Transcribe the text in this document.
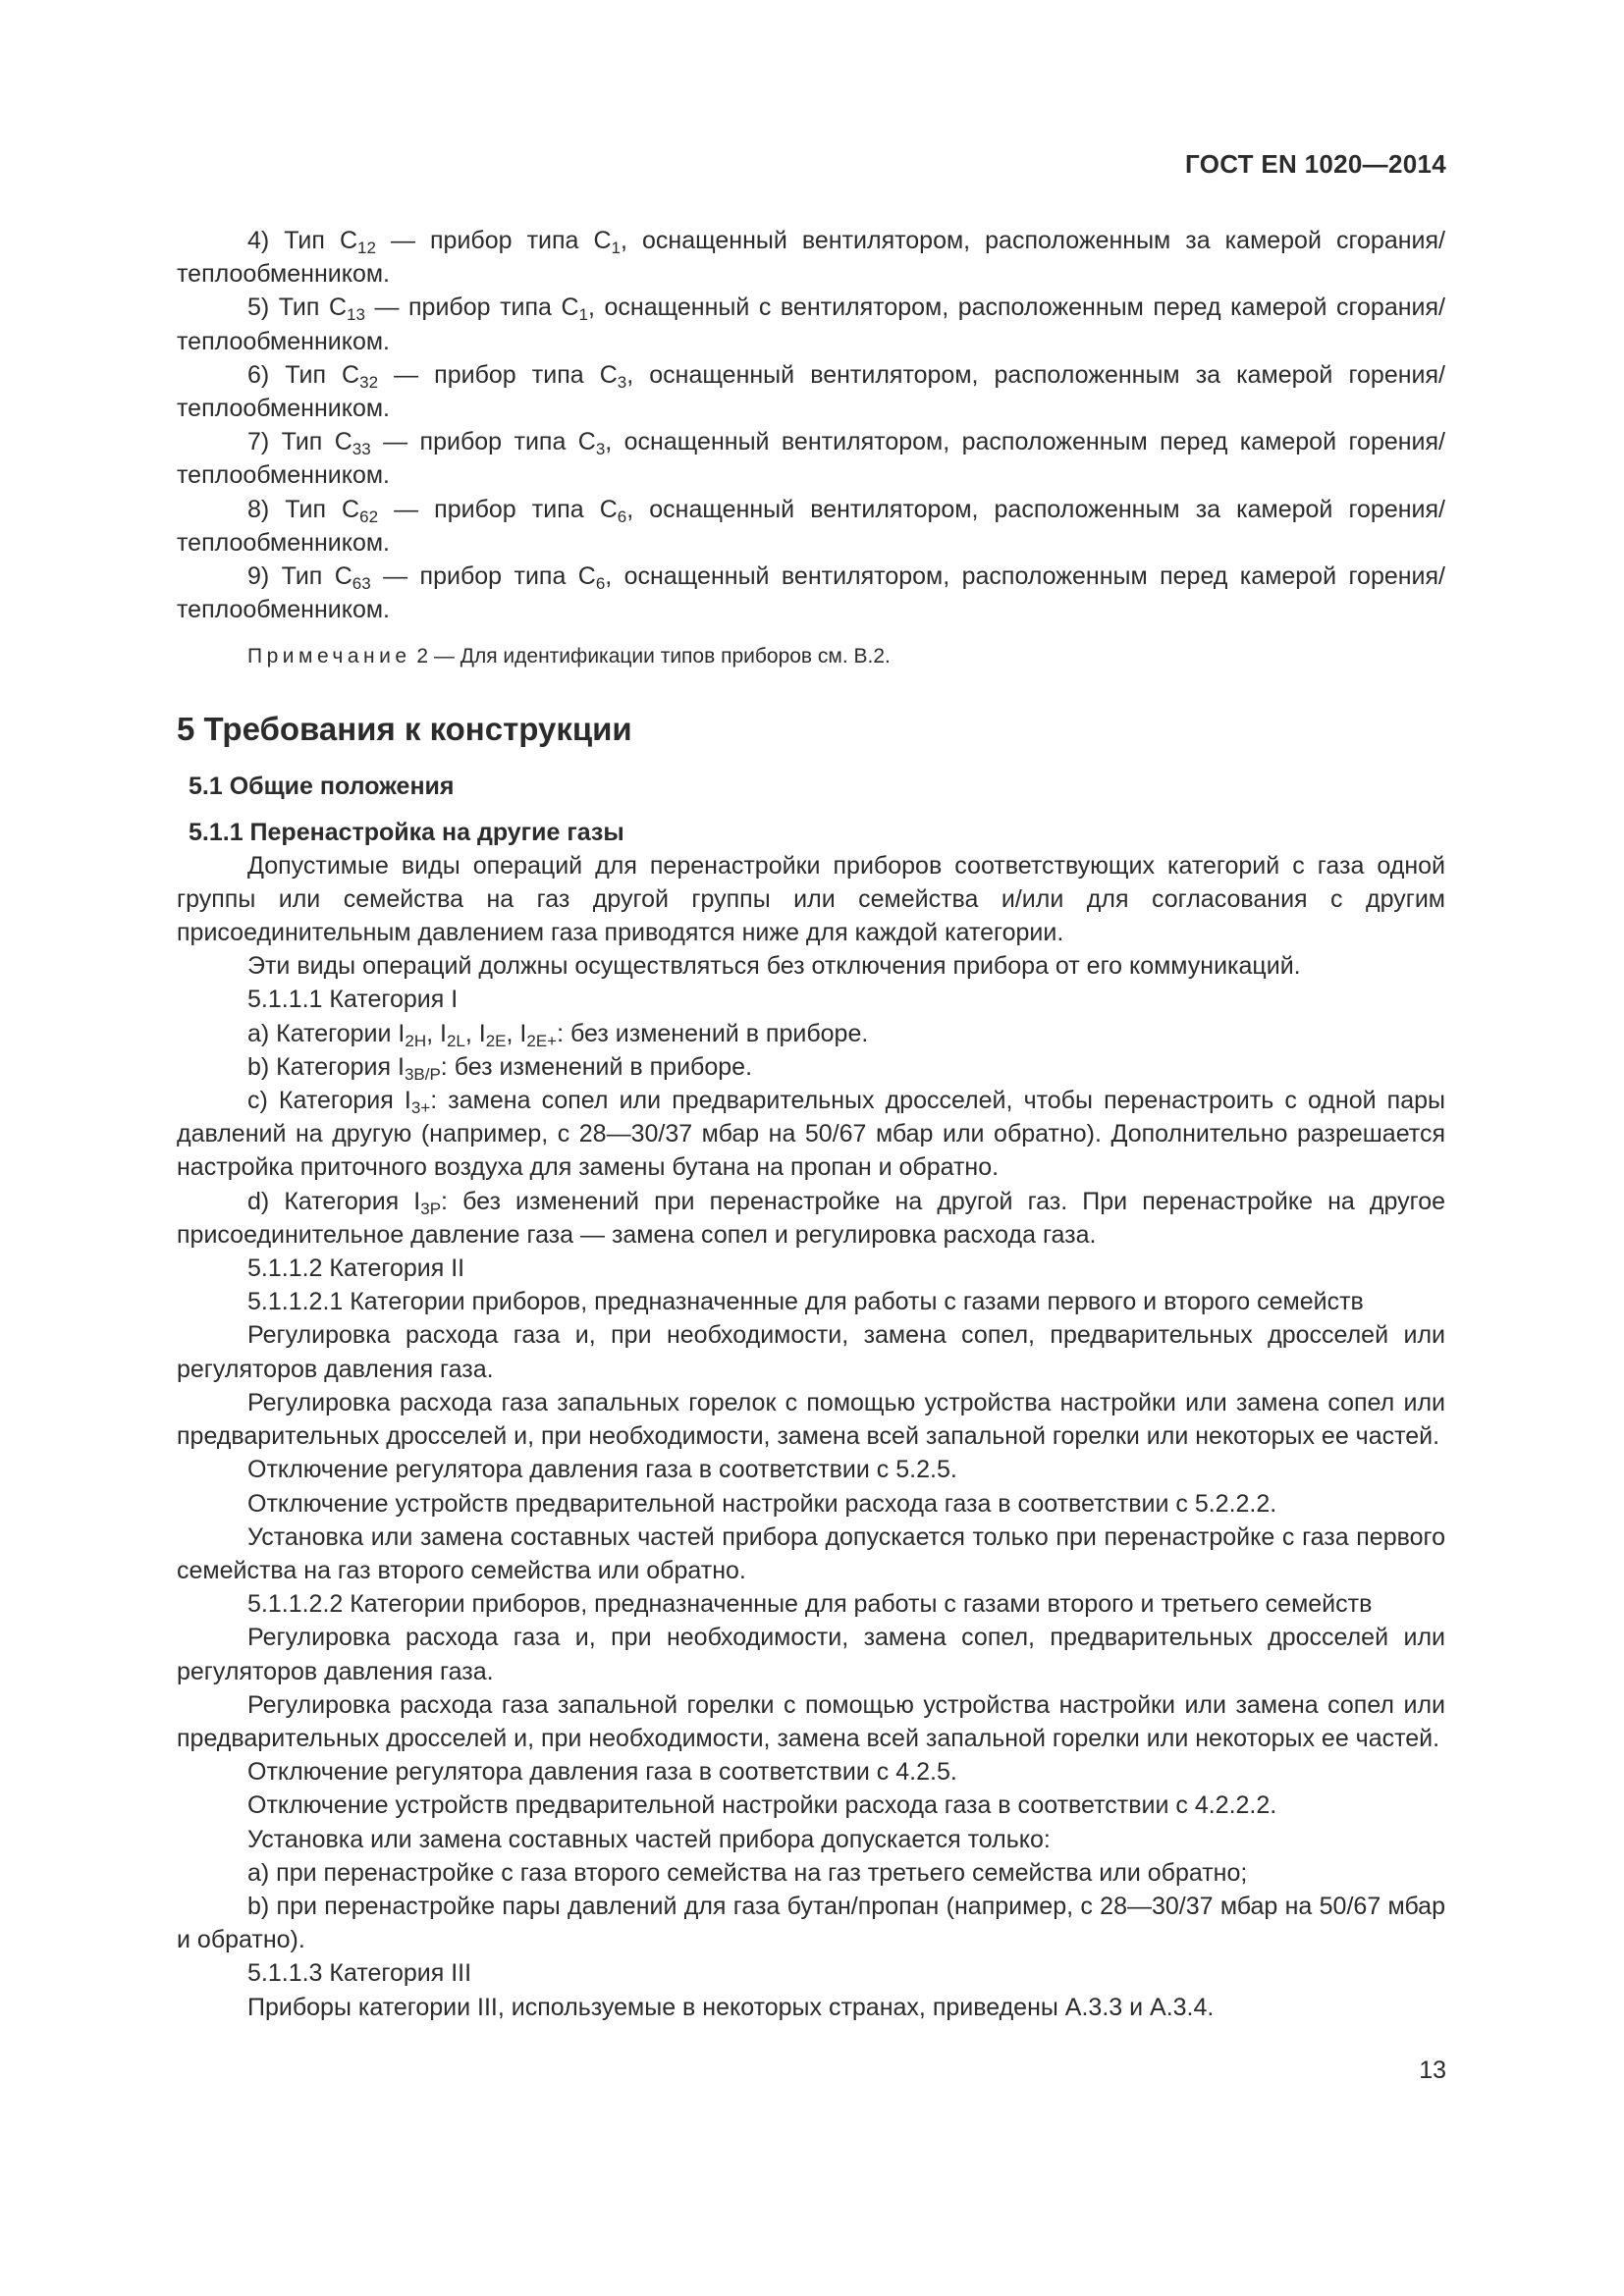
ГОСТ EN 1020—2014

4) Тип $C_{12}$ — прибор типа $C_1$, оснащенный вентилятором, расположенным за камерой сгорания/теплообменником.

5) Тип $C_{13}$ — прибор типа $C_1$, оснащенный с вентилятором, расположенным перед камерой сгорания/теплообменником.

6) Тип $C_{32}$ — прибор типа $C_3$, оснащенный вентилятором, расположенным за камерой горения/теплообменником.

7) Тип $C_{33}$ — прибор типа $C_3$, оснащенный вентилятором, расположенным перед камерой горения/теплообменником.

8) Тип $C_{62}$ — прибор типа $C_6$, оснащенный вентилятором, расположенным за камерой горения/теплообменником.

9) Тип $C_{63}$ — прибор типа $C_6$, оснащенный вентилятором, расположенным перед камерой горения/теплообменником.

Примечание 2 — Для идентификации типов приборов см. B.2.

5 Требования к конструкции
5.1 Общие положения
5.1.1 Перенастройка на другие газы

Допустимые виды операций для перенастройки приборов соответствующих категорий с газа одной группы или семейства на газ другой группы или семейства и/или для согласования с другим присоединительным давлением газа приводятся ниже для каждой категории.

Эти виды операций должны осуществляться без отключения прибора от его коммуникаций.

5.1.1.1 Категория I

a) Категории $I_{2H}$, $I_{2L}$, $I_{2E}$, $I_{2E+}$: без изменений в приборе.

b) Категория $I_{3B/P}$: без изменений в приборе.

c) Категория $I_{3+}$: замена сопел или предварительных дросселей, чтобы перенастроить с одной пары давлений на другую (например, с 28—30/37 мбар на 50/67 мбар или обратно). Дополнительно разрешается настройка приточного воздуха для замены бутана на пропан и обратно.

d) Категория $I_{3P}$: без изменений при перенастройке на другой газ. При перенастройке на другое присоединительное давление газа — замена сопел и регулировка расхода газа.

5.1.1.2 Категория II

5.1.1.2.1 Категории приборов, предназначенные для работы с газами первого и второго семейств

Регулировка расхода газа и, при необходимости, замена сопел, предварительных дросселей или регуляторов давления газа.

Регулировка расхода газа запальных горелок с помощью устройства настройки или замена сопел или предварительных дросселей и, при необходимости, замена всей запальной горелки или некоторых ее частей.

Отключение регулятора давления газа в соответствии с 5.2.5.

Отключение устройств предварительной настройки расхода газа в соответствии с 5.2.2.2.

Установка или замена составных частей прибора допускается только при перенастройке с газа первого семейства на газ второго семейства или обратно.

5.1.1.2.2 Категории приборов, предназначенные для работы с газами второго и третьего семейств

Регулировка расхода газа и, при необходимости, замена сопел, предварительных дросселей или регуляторов давления газа.

Регулировка расхода газа запальной горелки с помощью устройства настройки или замена сопел или предварительных дросселей и, при необходимости, замена всей запальной горелки или некоторых ее частей.

Отключение регулятора давления газа в соответствии с 4.2.5.

Отключение устройств предварительной настройки расхода газа в соответствии с 4.2.2.2.

Установка или замена составных частей прибора допускается только:

a) при перенастройке с газа второго семейства на газ третьего семейства или обратно;

b) при перенастройке пары давлений для газа бутан/пропан (например, с 28—30/37 мбар на 50/67 мбар и обратно).

5.1.1.3 Категория III

Приборы категории III, используемые в некоторых странах, приведены A.3.3 и A.3.4.

13
